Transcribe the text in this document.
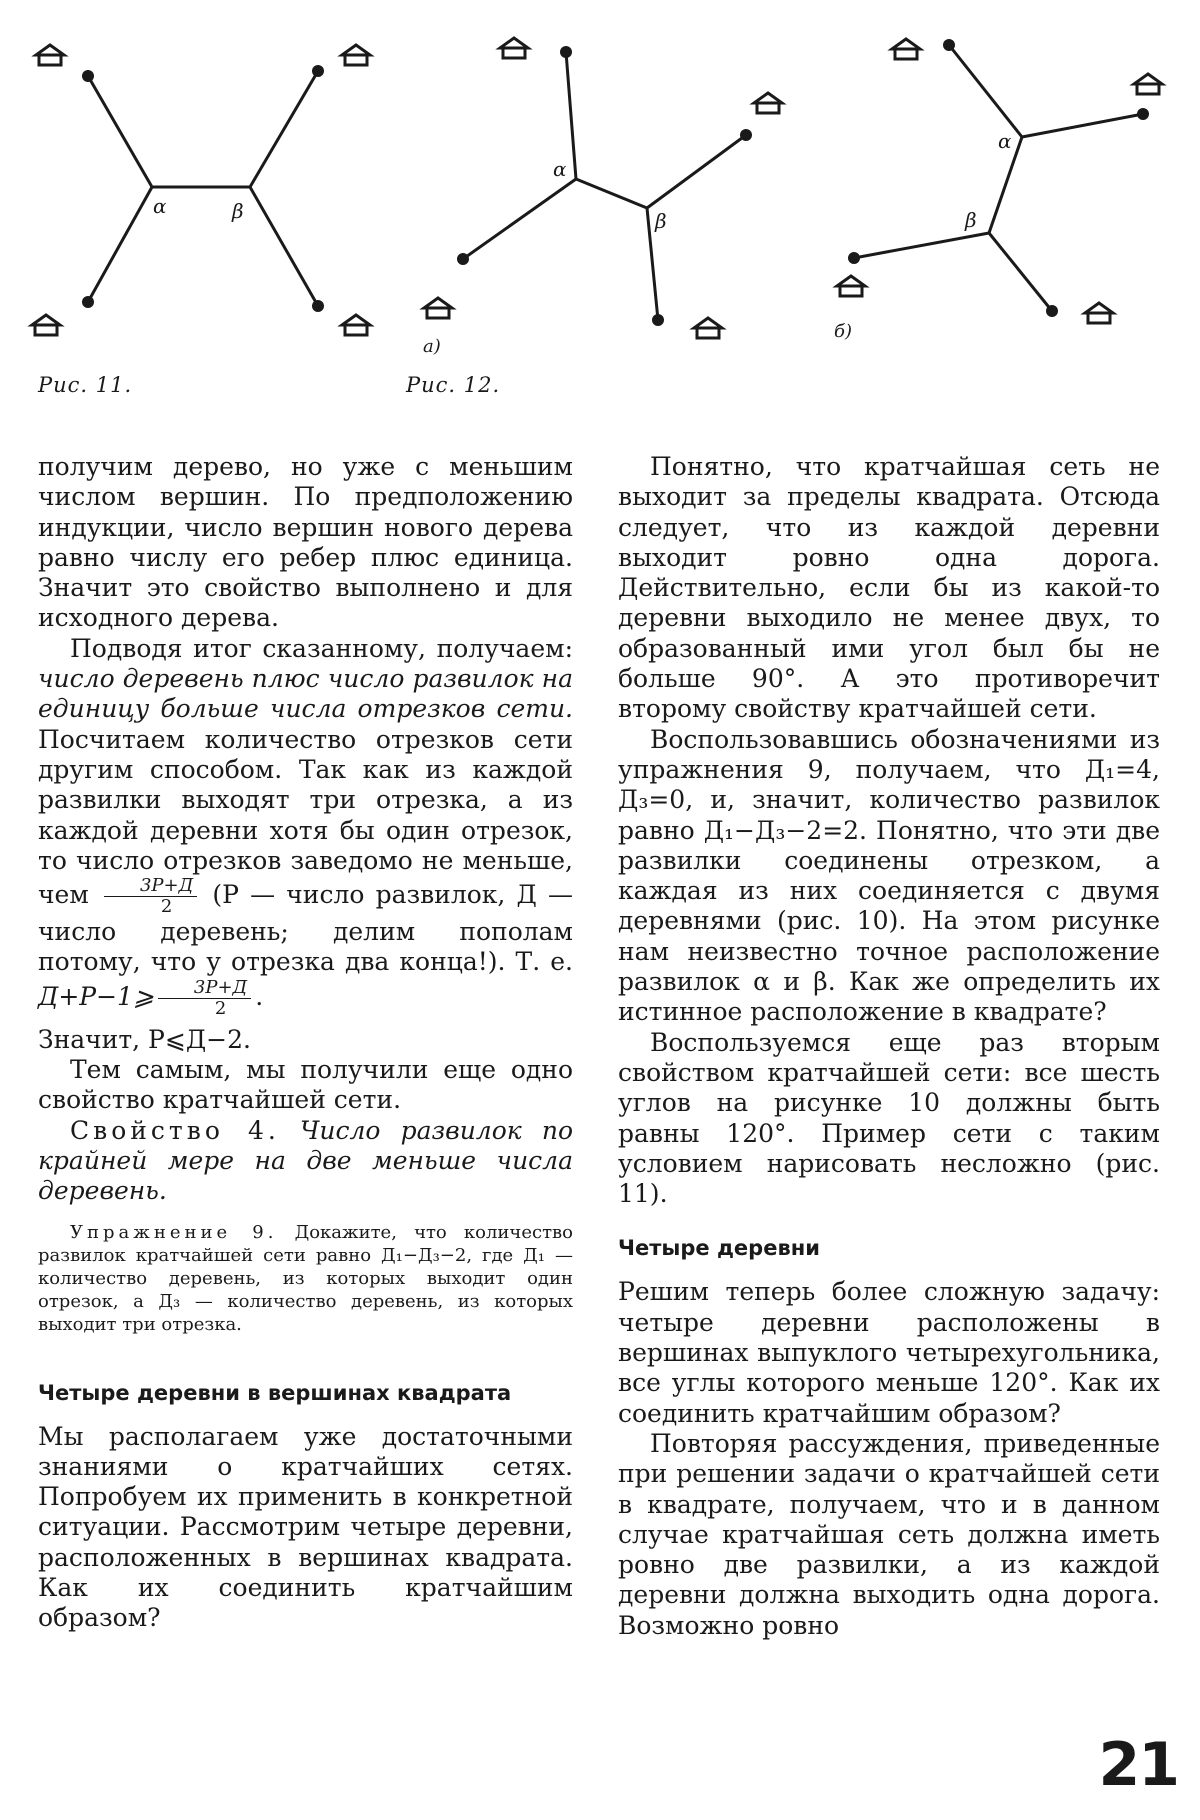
α	β
α
β
а)
α
β
б)
Рис. 11.	Рис. 12.

получим дерево, но уже с меньшим числом вершин. По предположению индукции, число вершин нового дерева равно числу его ребер плюс единица. Значит это свойство выполнено и для исходного дерева.

Подводя итог сказанному, получаем: число деревень плюс число развилок на единицу больше числа отрезков сети. Посчитаем количество отрезков сети другим способом. Так как из каждой развилки выходят три отрезка, а из каждой деревни хотя бы один отрезок, то число отрезков заведомо не меньше, чем $\frac{3Р+Д}{2} (Р$ — число развилок, Д — число деревень; делим пополам потому, что у отрезка два конца!). Т. е. Д+Р−1⩾ $\frac{3Р+Д}{2}$ .

Значит, Р⩽Д−2.

Тем самым, мы получили еще одно свойство кратчайшей сети.

Свойство 4. Число развилок по крайней мере на две меньше числа деревень.

Упражнение 9. Докажите, что количество развилок кратчайшей сети равно Д₁−Д₃−2, где Д₁ — количество деревень, из которых выходит один отрезок, а Д₃ — количество деревень, из которых выходит три отрезка.

Четыре деревни в вершинах квадрата

Мы располагаем уже достаточными знаниями о кратчайших сетях. Попробуем их применить в конкретной ситуации. Рассмотрим четыре деревни, расположенных в вершинах квадрата. Как их соединить кратчайшим образом?

Понятно, что кратчайшая сеть не выходит за пределы квадрата. Отсюда следует, что из каждой деревни выходит ровно одна дорога. Действительно, если бы из какой-то деревни выходило не менее двух, то образованный ими угол был бы не больше 90°. А это противоречит второму свойству кратчайшей сети.

Воспользовавшись обозначениями из упражнения 9, получаем, что Д₁=4, Д₃=0, и, значит, количество развилок равно Д₁−Д₃−2=2. Понятно, что эти две развилки соединены отрезком, а каждая из них соединяется с двумя деревнями (рис. 10). На этом рисунке нам неизвестно точное расположение развилок α и β. Как же определить их истинное расположение в квадрате?

Воспользуемся еще раз вторым свойством кратчайшей сети: все шесть углов на рисунке 10 должны быть равны 120°. Пример сети с таким условием нарисовать несложно (рис. 11).

Четыре деревни

Решим теперь более сложную задачу: четыре деревни расположены в вершинах выпуклого четырехугольника, все углы которого меньше 120°. Как их соединить кратчайшим образом?

Повторяя рассуждения, приведенные при решении задачи о кратчайшей сети в квадрате, получаем, что и в данном случае кратчайшая сеть должна иметь ровно две развилки, а из каждой деревни должна выходить одна дорога. Возможно ровно

21
